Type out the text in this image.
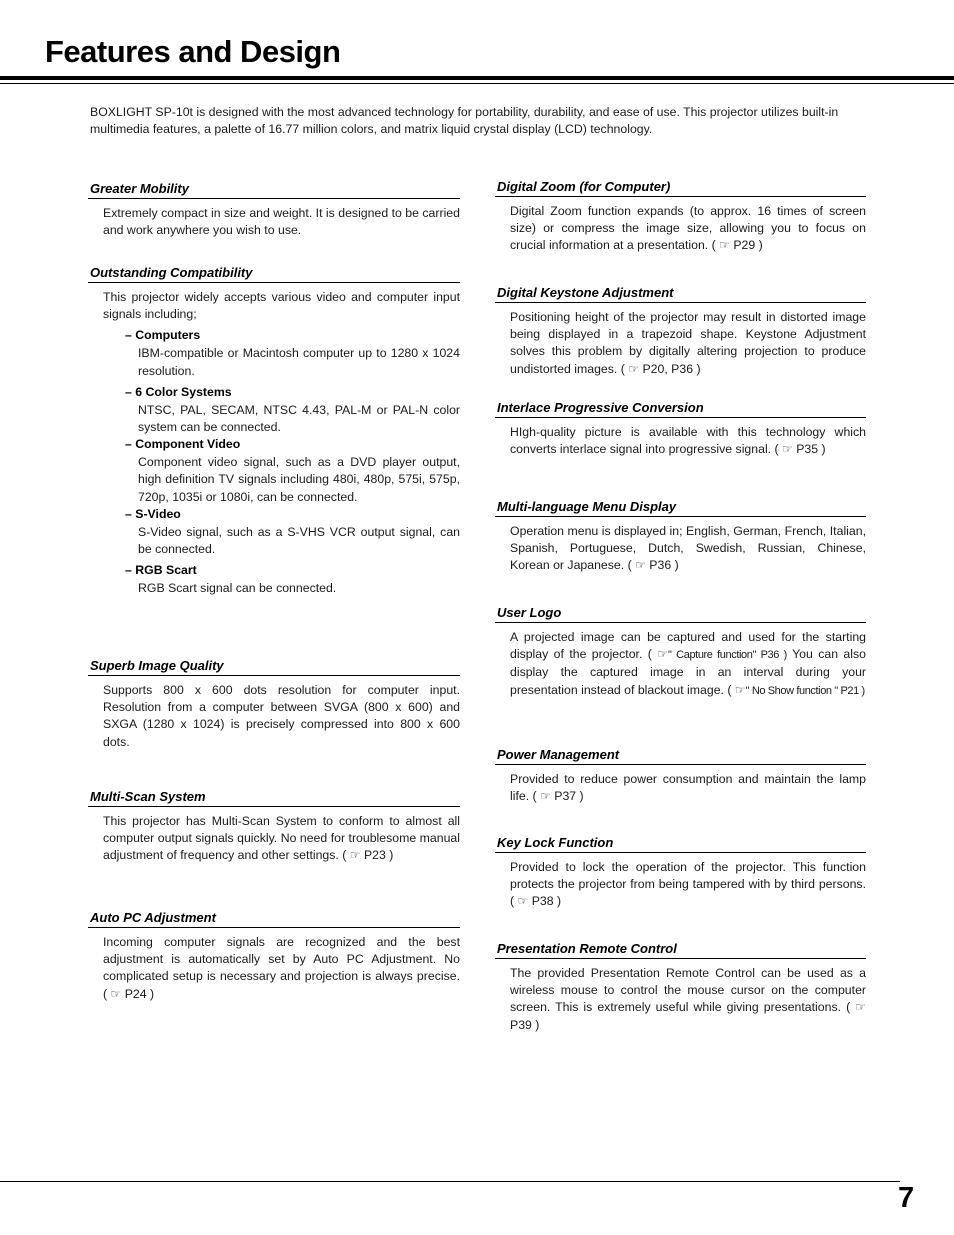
Features and Design

BOXLIGHT SP-10t is designed with the most advanced technology for portability, durability, and ease of use. This projector utilizes built-in multimedia features, a palette of 16.77 million colors, and matrix liquid crystal display (LCD) technology.

Greater Mobility

Extremely compact in size and weight. It is designed to be carried and work anywhere you wish to use.

Outstanding Compatibility

This projector widely accepts various video and computer input signals including;

– Computers

IBM-compatible or Macintosh computer up to 1280 x 1024 resolution.

– 6 Color Systems

NTSC, PAL, SECAM, NTSC 4.43, PAL-M or PAL-N color system can be connected.

– Component Video

Component video signal, such as a DVD player output, high definition TV signals including 480i, 480p, 575i, 575p, 720p, 1035i or 1080i, can be connected.

– S-Video

S-Video signal, such as a S-VHS VCR output signal, can be connected.

– RGB Scart

RGB Scart signal can be connected.

Superb Image Quality

Supports 800 x 600 dots resolution for computer input. Resolution from a computer between SVGA (800 x 600) and SXGA (1280 x 1024) is precisely compressed into 800 x 600 dots.

Multi-Scan System

This projector has Multi-Scan System to conform to almost all computer output signals quickly. No need for troublesome manual adjustment of frequency and other settings. ( ☞ P23 )

Auto PC Adjustment

Incoming computer signals are recognized and the best adjustment is automatically set by Auto PC Adjustment. No complicated setup is necessary and projection is always precise. ( ☞ P24 )

Digital Zoom (for Computer)

Digital Zoom function expands (to approx. 16 times of screen size) or compress the image size, allowing you to focus on crucial information at a presentation. ( ☞ P29 )

Digital Keystone Adjustment

Positioning height of the projector may result in distorted image being displayed in a trapezoid shape. Keystone Adjustment solves this problem by digitally altering projection to produce undistorted images. ( ☞ P20, P36 )

Interlace Progressive Conversion

HIgh-quality picture is available with this technology which converts interlace signal into progressive signal. ( ☞ P35 )

Multi-language Menu Display

Operation menu is displayed in; English, German, French, Italian, Spanish, Portuguese, Dutch, Swedish, Russian, Chinese, Korean or Japanese. ( ☞ P36 )

User Logo

A projected image can be captured and used for the starting display of the projector. ( ☞" Capture function" P36 ) You can also display the captured image in an interval during your presentation instead of blackout image. ( ☞" No Show function " P21 )

Power Management

Provided to reduce power consumption and maintain the lamp life. ( ☞ P37 )

Key Lock Function

Provided to lock the operation of the projector. This function protects the projector from being tampered with by third persons. ( ☞ P38 )

Presentation Remote Control

The provided Presentation Remote Control can be used as a wireless mouse to control the mouse cursor on the computer screen. This is extremely useful while giving presentations. ( ☞ P39 )

7
